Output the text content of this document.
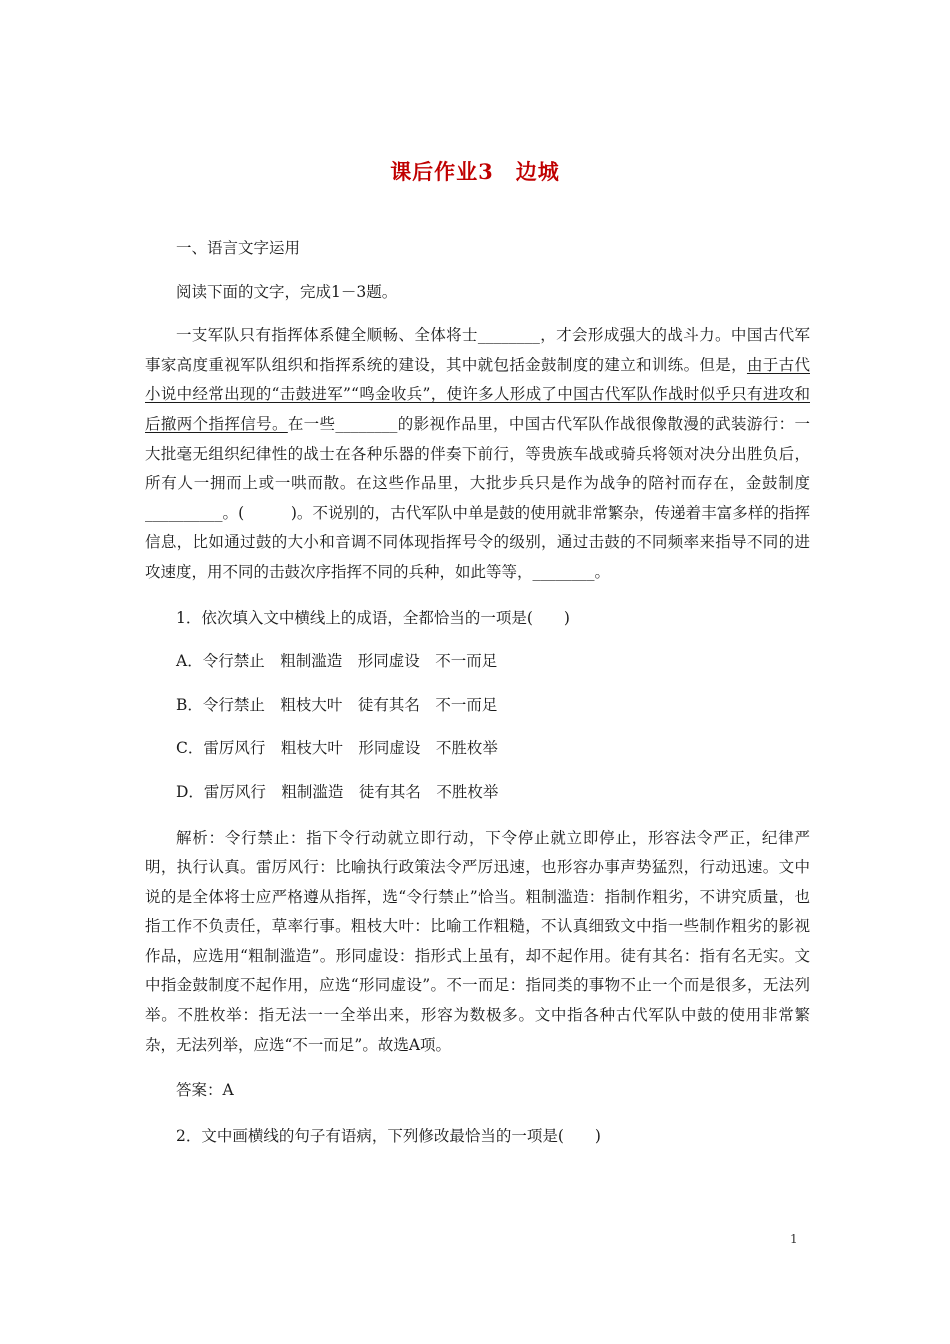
课后作业3　边城

一、语言文字运用

阅读下面的文字，完成1－3题。

一支军队只有指挥体系健全顺畅、全体将士________，才会形成强大的战斗力。中国古代军事家高度重视军队组织和指挥系统的建设，其中就包括金鼓制度的建立和训练。但是，由于古代小说中经常出现的“击鼓进军”“鸣金收兵”，使许多人形成了中国古代军队作战时似乎只有进攻和后撤两个指挥信号。在一些________的影视作品里，中国古代军队作战很像散漫的武装游行：一大批毫无组织纪律性的战士在各种乐器的伴奏下前行，等贵族车战或骑兵将领对决分出胜负后，所有人一拥而上或一哄而散。在这些作品里，大批步兵只是作为战争的陪衬而存在，金鼓制度__________。(　　　)。不说别的，古代军队中单是鼓的使用就非常繁杂，传递着丰富多样的指挥信息，比如通过鼓的大小和音调不同体现指挥号令的级别，通过击鼓的不同频率来指导不同的进攻速度，用不同的击鼓次序指挥不同的兵种，如此等等，________。

1．依次填入文中横线上的成语，全都恰当的一项是(　　)

A．令行禁止　粗制滥造　形同虚设　不一而足

B．令行禁止　粗枝大叶　徒有其名　不一而足

C．雷厉风行　粗枝大叶　形同虚设　不胜枚举

D．雷厉风行　粗制滥造　徒有其名　不胜枚举

解析：令行禁止：指下令行动就立即行动，下令停止就立即停止，形容法令严正，纪律严明，执行认真。雷厉风行：比喻执行政策法令严厉迅速，也形容办事声势猛烈，行动迅速。文中说的是全体将士应严格遵从指挥，选“令行禁止”恰当。粗制滥造：指制作粗劣，不讲究质量，也指工作不负责任，草率行事。粗枝大叶：比喻工作粗糙，不认真细致文中指一些制作粗劣的影视作品，应选用“粗制滥造”。形同虚设：指形式上虽有，却不起作用。徒有其名：指有名无实。文中指金鼓制度不起作用，应选“形同虚设”。不一而足：指同类的事物不止一个而是很多，无法列举。不胜枚举：指无法一一全举出来，形容为数极多。文中指各种古代军队中鼓的使用非常繁杂，无法列举，应选“不一而足”。故选A项。

答案：A

2．文中画横线的句子有语病，下列修改最恰当的一项是(　　)

1
